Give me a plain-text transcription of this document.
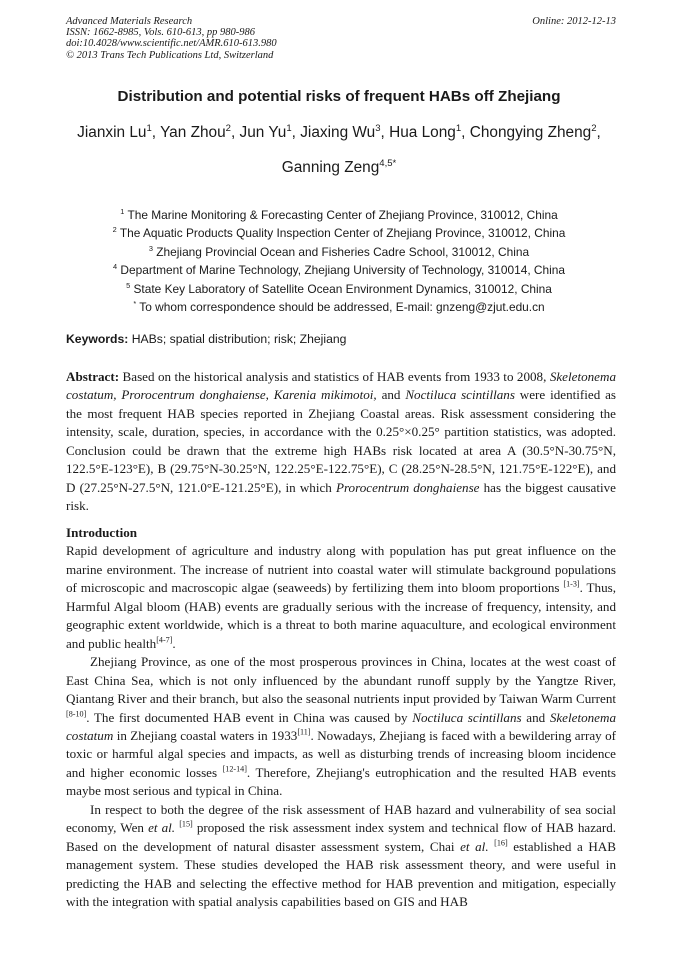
Advanced Materials Research
ISSN: 1662-8985, Vols. 610-613, pp 980-986
doi:10.4028/www.scientific.net/AMR.610-613.980
© 2013 Trans Tech Publications Ltd, Switzerland
Online: 2012-12-13
Distribution and potential risks of frequent HABs off Zhejiang
Jianxin Lu$^1$, Yan Zhou$^2$, Jun Yu$^1$, Jiaxing Wu$^3$, Hua Long$^1$, Chongying Zheng$^2$,
Ganning Zeng$^{4,5*}$
$^1$ The Marine Monitoring & Forecasting Center of Zhejiang Province, 310012, China
$^2$ The Aquatic Products Quality Inspection Center of Zhejiang Province, 310012, China
$^3$ Zhejiang Provincial Ocean and Fisheries Cadre School, 310012, China
$^4$ Department of Marine Technology, Zhejiang University of Technology, 310014, China
$^5$ State Key Laboratory of Satellite Ocean Environment Dynamics, 310012, China
* To whom correspondence should be addressed, E-mail: gnzeng@zjut.edu.cn
Keywords: HABs; spatial distribution; risk; Zhejiang

Abstract: Based on the historical analysis and statistics of HAB events from 1933 to 2008, Skeletonema costatum, Prorocentrum donghaiense, Karenia mikimotoi, and Noctiluca scintillans were identified as the most frequent HAB species reported in Zhejiang Coastal areas. Risk assessment considering the intensity, scale, duration, species, in accordance with the 0.25°×0.25° partition statistics, was adopted. Conclusion could be drawn that the extreme high HABs risk located at area A (30.5°N-30.75°N, 122.5°E-123°E), B (29.75°N-30.25°N, 122.25°E-122.75°E), C (28.25°N-28.5°N, 121.75°E-122°E), and D (27.25°N-27.5°N, 121.0°E-121.25°E), in which Prorocentrum donghaiense has the biggest causative risk.

Introduction

Rapid development of agriculture and industry along with population has put great influence on the marine environment. The increase of nutrient into coastal water will stimulate background populations of microscopic and macroscopic algae (seaweeds) by fertilizing them into bloom proportions [1-3]. Thus, Harmful Algal bloom (HAB) events are gradually serious with the increase of frequency, intensity, and geographic extent worldwide, which is a threat to both marine aquaculture, and ecological environment and public health[4-7].

Zhejiang Province, as one of the most prosperous provinces in China, locates at the west coast of East China Sea, which is not only influenced by the abundant runoff supply by the Yangtze River, Qiantang River and their branch, but also the seasonal nutrients input provided by Taiwan Warm Current [8-10]. The first documented HAB event in China was caused by Noctiluca scintillans and Skeletonema costatum in Zhejiang coastal waters in 1933[11]. Nowadays, Zhejiang is faced with a bewildering array of toxic or harmful algal species and impacts, as well as disturbing trends of increasing bloom incidence and higher economic losses [12-14]. Therefore, Zhejiang's eutrophication and the resulted HAB events maybe most serious and typical in China.

In respect to both the degree of the risk assessment of HAB hazard and vulnerability of sea social economy, Wen et al. [15] proposed the risk assessment index system and technical flow of HAB hazard. Based on the development of natural disaster assessment system, Chai et al. [16] established a HAB management system. These studies developed the HAB risk assessment theory, and were useful in predicting the HAB and selecting the effective method for HAB prevention and mitigation, especially with the integration with spatial analysis capabilities based on GIS and HAB
